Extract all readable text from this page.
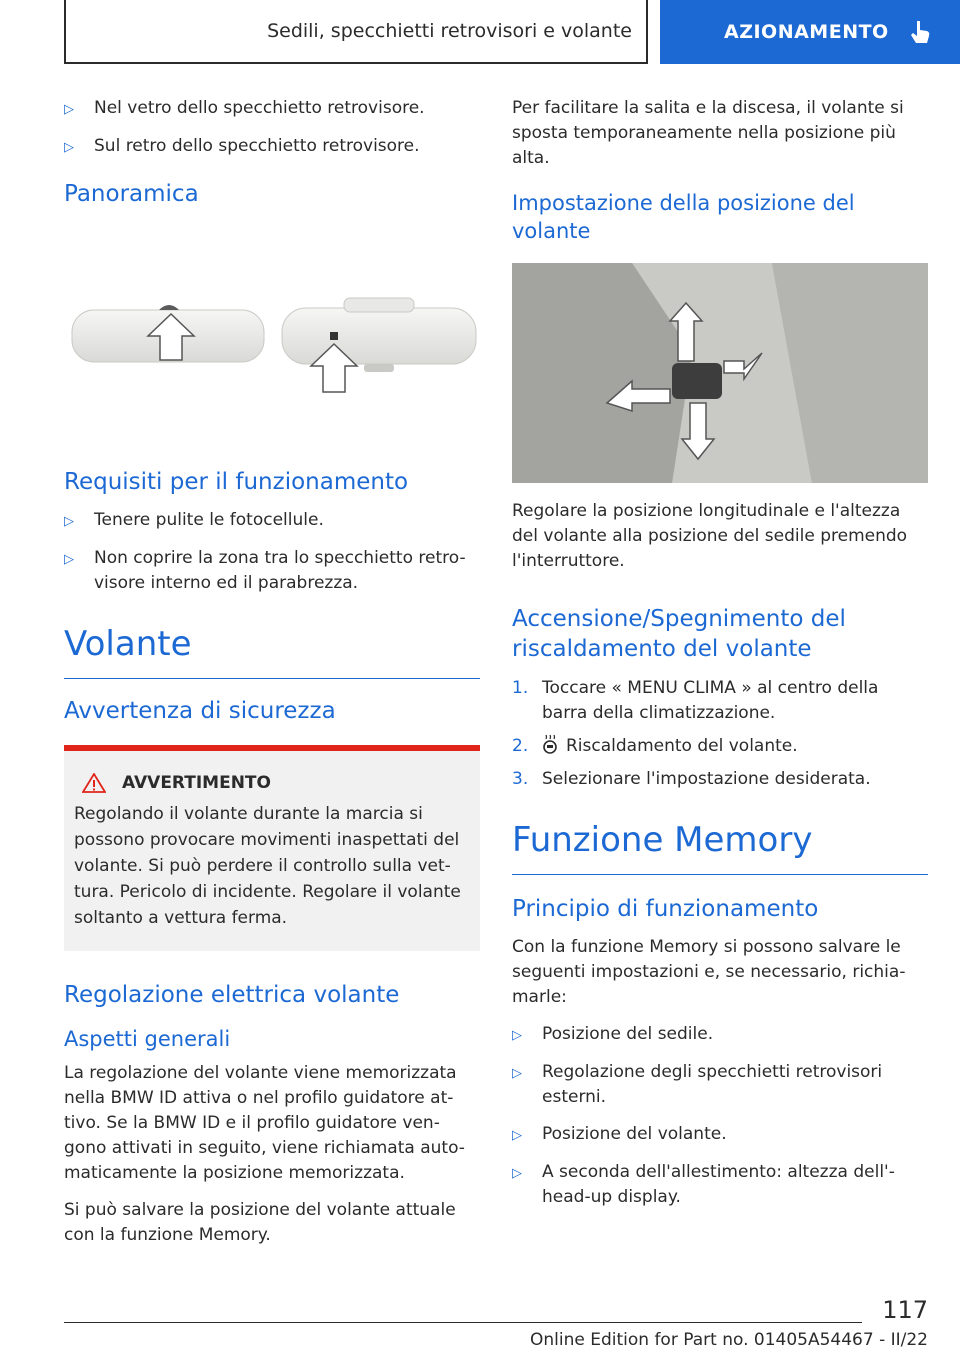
Sedili, specchietti retrovisori e volante	AZIONAMENTO
▷	Nel vetro dello specchietto retrovisore.
▷	Sul retro dello specchietto retrovisore.
Panoramica
Requisiti per il funzionamento
▷	Tenere pulite le fotocellule.
▷	Non coprire la zona tra lo specchietto retro-visore interno ed il parabrezza.
Volante
Avvertenza di sicurezza
AVVERTIMENTO

Regolando il volante durante la marcia si possono provocare movimenti inaspettati del volante. Si può perdere il controllo sulla vet-tura. Pericolo di incidente. Regolare il volante soltanto a vettura ferma.

Regolazione elettrica volante
Aspetti generali

La regolazione del volante viene memorizzata nella BMW ID attiva o nel profilo guidatore at-tivo. Se la BMW ID e il profilo guidatore ven-gono attivati in seguito, viene richiamata auto-maticamente la posizione memorizzata.

Si può salvare la posizione del volante attuale con la funzione Memory.

Per facilitare la salita e la discesa, il volante si sposta temporaneamente nella posizione più alta.

Impostazione della posizione del volante

Regolare la posizione longitudinale e l'altezza del volante alla posizione del sedile premendo l'interruttore.

Accensione/Spegnimento del riscaldamento del volante
1. Toccare « MENU CLIMA » al centro della barra della climatizzazione.
2.	Riscaldamento del volante.
3. Selezionare l'impostazione desiderata.
Funzione Memory
Principio di funzionamento

Con la funzione Memory si possono salvare le seguenti impostazioni e, se necessario, richia-marle:

▷	Posizione del sedile.
▷	Regolazione degli specchietti retrovisori esterni.
▷	Posizione del volante.
▷	A seconda dell'allestimento: altezza dell'-head-up display.
117
Online Edition for Part no. 01405A54467 - II/22
